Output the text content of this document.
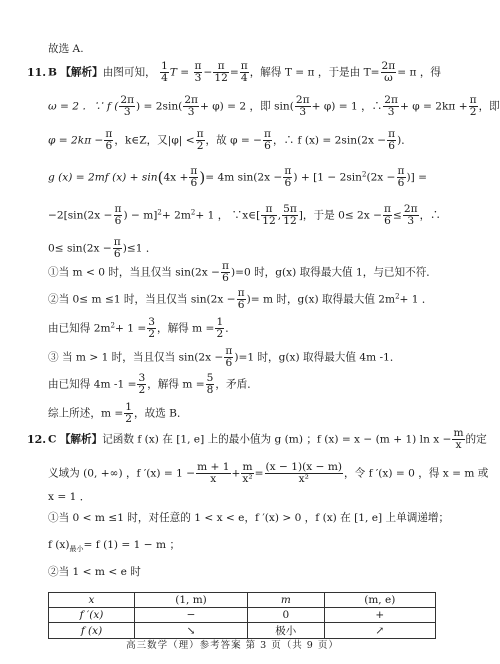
故选 A.
11. B 【解析】由图可知， $\frac{1}{4}$ $T = \frac{\pi}{3} - \frac{\pi}{12} = \frac{\pi}{4}$ ，解得 T = π ，于是由 $T= \frac{2\pi}{\omega} = \pi$ ，得
ω = 2 ．∵ f ( $\frac{2\pi}{3}$ ) = $2\sin( \frac{2\pi}{3} + \varphi) = 2$ ，即 $\sin( \frac{2\pi}{3} + \varphi) = 1$ ，∴ $\frac{2\pi}{3} + \varphi = 2k\pi + \frac{\pi}{2}$ ，即
$\varphi = 2k\pi - \frac{\pi}{6}$ ，k∈Z，又$|\varphi| < \frac{\pi}{2}$ ，故 φ = − $\frac{\pi}{6}$ ，∴ f $(x) = 2\sin(2x - \frac{\pi}{6}$ )．
g (x) = 2mf $(x) + \sin(4x + \frac{\pi}{6}$ )= 4m $\sin(2x - \frac{\pi}{6}$ ) + [$1 - 2\sin^2(2x - \frac{\pi}{6}$ )] =
$-2[\sin(2x - \frac{\pi}{6}$ ) − $m]^2+ 2m^2+ 1$ ， ∵x∈[ $\frac{\pi}{12}$ , $\frac{5\pi}{12}$ ]，于是 $0\le 2x - \frac{\pi}{6} \le \frac{2\pi}{3}$ ，∴
$0\le \sin(2x - \frac{\pi}{6} )\le 1$ ．
①当 m < 0 时，当且仅当 $\sin(2x - \frac{\pi}{6} )=0$ 时，g(x) 取得最大值 1，与已知不符．
②当 0≤ m ≤1 时，当且仅当 $\sin(2x - \frac{\pi}{6}$ )= m 时，g(x) 取得最大值 $2m^2+ 1$ ．
由已知得 $2m^2+ 1 = \frac{3}{2}$ ，解得 $m = \frac{1}{2}$ ．
③ 当 m > 1 时，当且仅当 $\sin(2x - \frac{\pi}{6} )=1$ 时，g(x) 取得最大值 4m -1．
由已知得 4m $-1 = \frac{3}{2}$ ，解得 $m = \frac{5}{8}$ ，矛盾．
综上所述，$m = \frac{1}{2}$ ，故选 B．
12. C 【解析】记函数 f (x) 在 [1, e] 上的最小值为 g (m) ；f (x) = x − (m + 1) $\ln x - \frac{m}{x}$ 的定
义域为 (0, +∞) ，f $'(x) = 1 - \frac{m + 1}{x} + \frac{m}{\text{x²}} = \frac{(x - 1)(x - m)}{\text{x²}}$ ，令 f ′(x) = 0 ，得 x = m 或
x = 1 ．
①当 0 < m ≤1 时，对任意的 1 < x < e，f ′(x) > 0 ，f (x) 在 [1, e] 上单调递增；
f $(x)_{最小}= f$ (1) = 1 − m ；
②当 1 < m < e 时
x	(1, m)	m	(m, e)
f ′(x)	−	0	+
f (x)	↘	极小	↗
高三数学（理）参考答案 第 3 页（共 9 页）
